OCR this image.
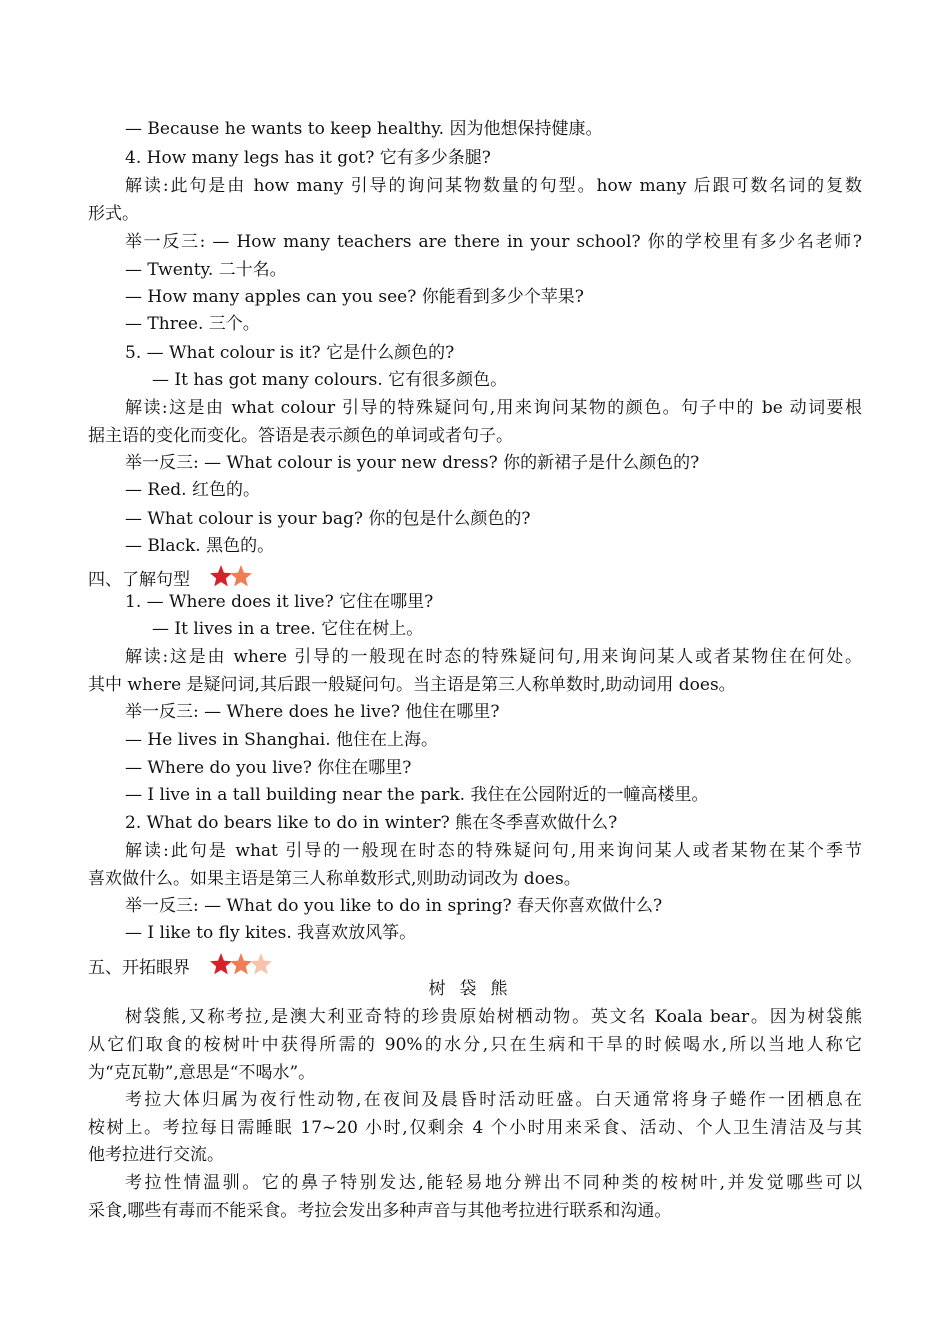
— Because he wants to keep healthy. 因为他想保持健康。
4. How many legs has it got? 它有多少条腿?
解读:此句是由 how many 引导的询问某物数量的句型。how many 后跟可数名词的复数
形式。
举一反三: — How many teachers are there in your school? 你的学校里有多少名老师?
— Twenty. 二十名。
— How many apples can you see? 你能看到多少个苹果?
— Three. 三个。
5. — What colour is it? 它是什么颜色的?
— It has got many colours. 它有很多颜色。
解读:这是由 what colour 引导的特殊疑问句,用来询问某物的颜色。句子中的 be 动词要根
据主语的变化而变化。答语是表示颜色的单词或者句子。
举一反三: — What colour is your new dress? 你的新裙子是什么颜色的?
— Red. 红色的。
— What colour is your bag? 你的包是什么颜色的?
— Black. 黑色的。
四、了解句型
1. — Where does it live? 它住在哪里?
— It lives in a tree. 它住在树上。
解读:这是由 where 引导的一般现在时态的特殊疑问句,用来询问某人或者某物住在何处。
其中 where 是疑问词,其后跟一般疑问句。当主语是第三人称单数时,助动词用 does。
举一反三: — Where does he live? 他住在哪里?
— He lives in Shanghai. 他住在上海。
— Where do you live? 你住在哪里?
— I live in a tall building near the park. 我住在公园附近的一幢高楼里。
2. What do bears like to do in winter? 熊在冬季喜欢做什么?
解读:此句是 what 引导的一般现在时态的特殊疑问句,用来询问某人或者某物在某个季节
喜欢做什么。如果主语是第三人称单数形式,则助动词改为 does。
举一反三: — What do you like to do in spring? 春天你喜欢做什么?
— I like to fly kites. 我喜欢放风筝。
五、开拓眼界
树袋熊
树袋熊,又称考拉,是澳大利亚奇特的珍贵原始树栖动物。英文名 Koala bear。因为树袋熊
从它们取食的桉树叶中获得所需的 90%的水分,只在生病和干旱的时候喝水,所以当地人称它
为“克瓦勒”,意思是“不喝水”。
考拉大体归属为夜行性动物,在夜间及晨昏时活动旺盛。白天通常将身子蜷作一团栖息在
桉树上。考拉每日需睡眠 17~20 小时,仅剩余 4 个小时用来采食、活动、个人卫生清洁及与其
他考拉进行交流。
考拉性情温驯。它的鼻子特别发达,能轻易地分辨出不同种类的桉树叶,并发觉哪些可以
采食,哪些有毒而不能采食。考拉会发出多种声音与其他考拉进行联系和沟通。
